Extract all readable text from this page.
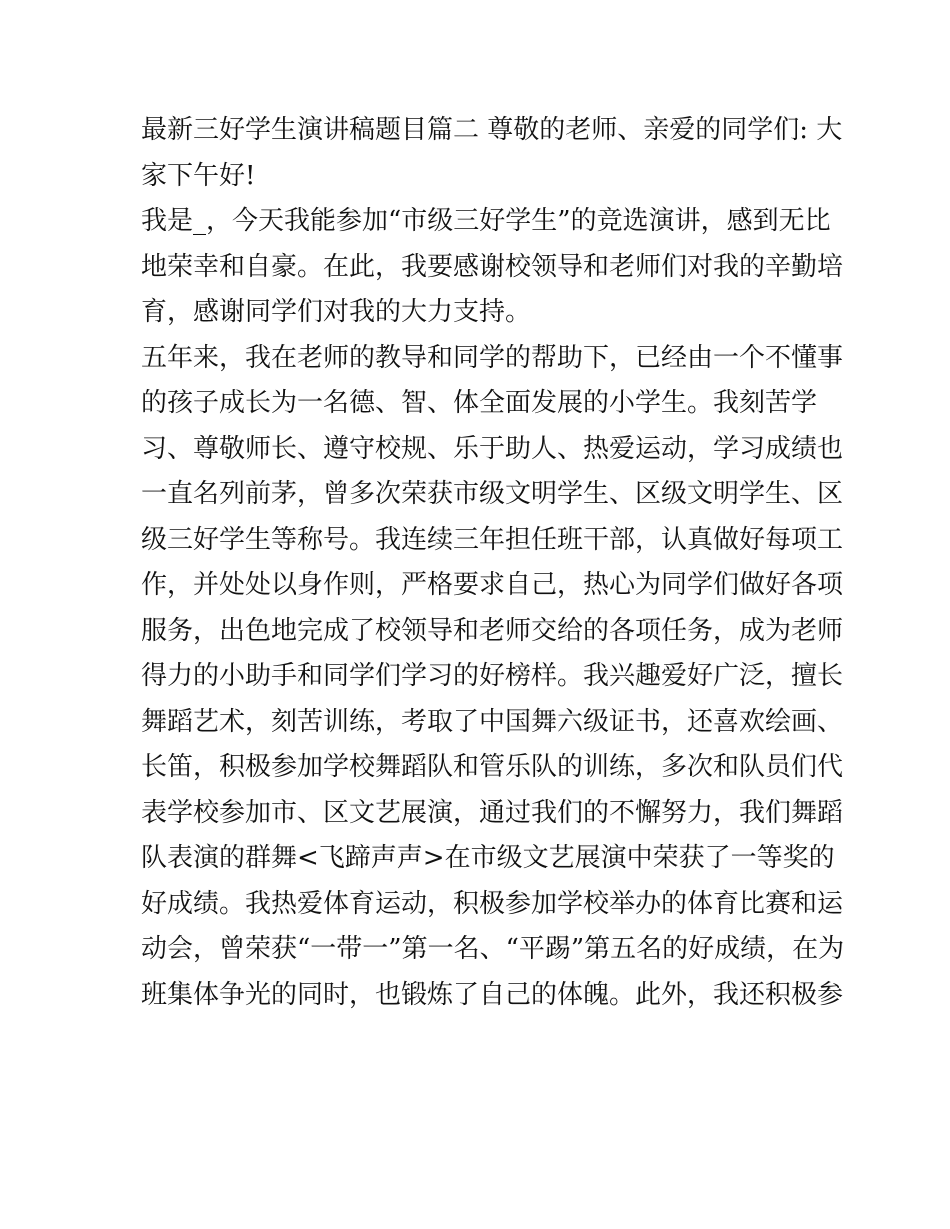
最新三好学生演讲稿题目篇二 尊敬的老师、亲爱的同学们: 大
家下午好!
我是_，今天我能参加“市级三好学生”的竞选演讲，感到无比
地荣幸和自豪。在此，我要感谢校领导和老师们对我的辛勤培
育，感谢同学们对我的大力支持。
五年来，我在老师的教导和同学的帮助下，已经由一个不懂事
的孩子成长为一名德、智、体全面发展的小学生。我刻苦学
习、尊敬师长、遵守校规、乐于助人、热爱运动，学习成绩也
一直名列前茅，曾多次荣获市级文明学生、区级文明学生、区
级三好学生等称号。我连续三年担任班干部，认真做好每项工
作，并处处以身作则，严格要求自己，热心为同学们做好各项
服务，出色地完成了校领导和老师交给的各项任务，成为老师
得力的小助手和同学们学习的好榜样。我兴趣爱好广泛，擅长
舞蹈艺术，刻苦训练，考取了中国舞六级证书，还喜欢绘画、
长笛，积极参加学校舞蹈队和管乐队的训练，多次和队员们代
表学校参加市、区文艺展演，通过我们的不懈努力，我们舞蹈
队表演的群舞<飞蹄声声>在市级文艺展演中荣获了一等奖的
好成绩。我热爱体育运动，积极参加学校举办的体育比赛和运
动会，曾荣获“一带一”第一名、“平踢”第五名的好成绩，在为
班集体争光的同时，也锻炼了自己的体魄。此外，我还积极参
